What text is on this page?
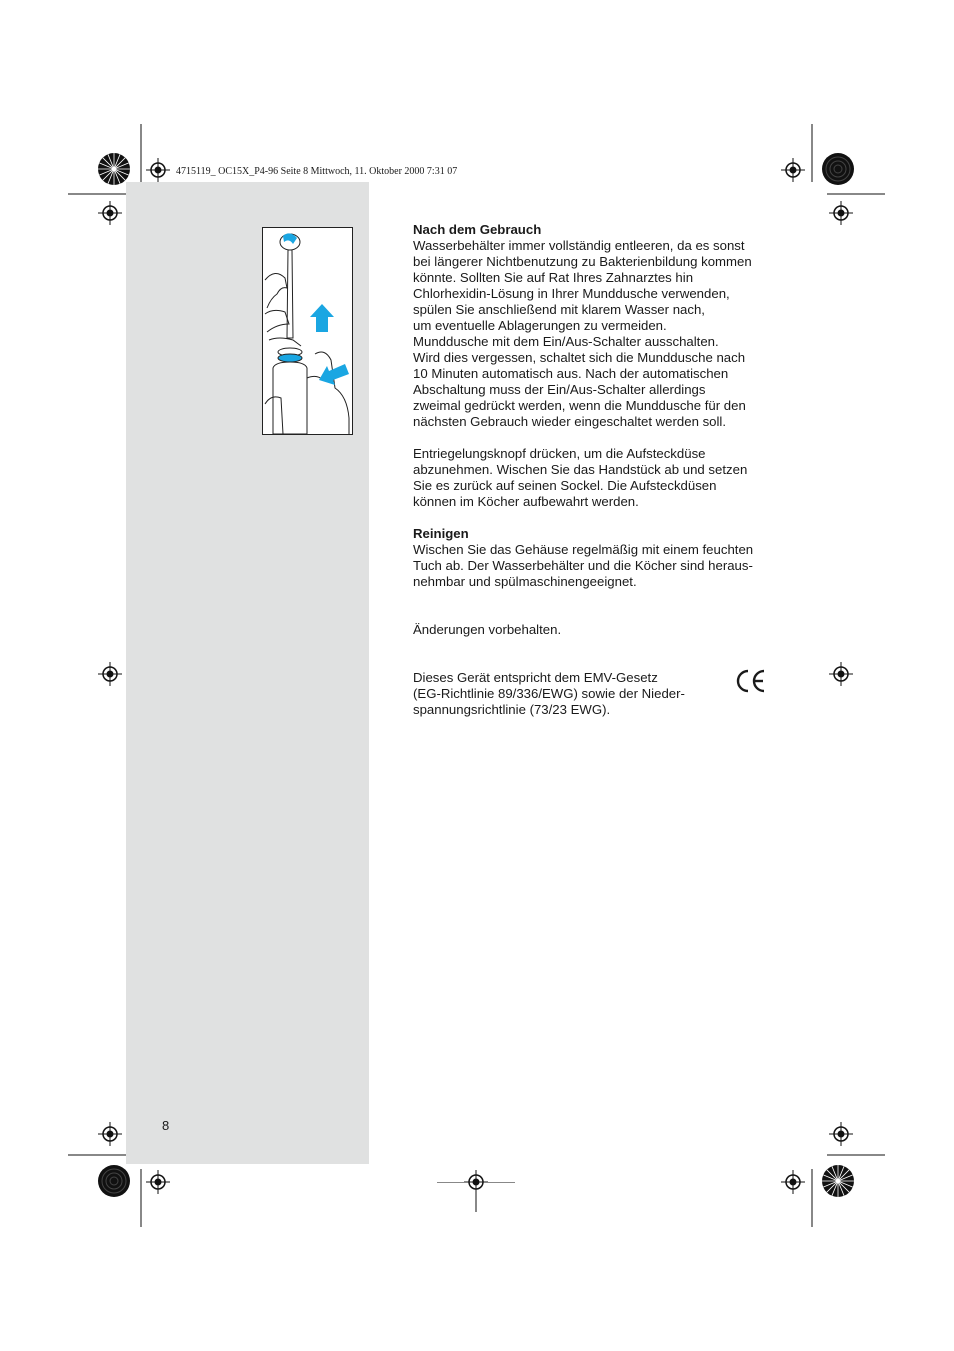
4715119_ OC15X_P4-96 Seite 8 Mittwoch, 11. Oktober 2000 7:31 07
Nach dem Gebrauch

Wasserbehälter immer vollständig entleeren, da es sonst
bei längerer Nichtbenutzung zu Bakterienbildung kommen
könnte. Sollten Sie auf Rat Ihres Zahnarztes hin
Chlorhexidin-Lösung in Ihrer Munddusche verwenden,
spülen Sie anschließend mit klarem Wasser nach,
um eventuelle Ablagerungen zu vermeiden.
Munddusche mit dem Ein/Aus-Schalter ausschalten.
Wird dies vergessen, schaltet sich die Munddusche nach
10 Minuten automatisch aus. Nach der automatischen
Abschaltung muss der Ein/Aus-Schalter allerdings
zweimal gedrückt werden, wenn die Munddusche für den
nächsten Gebrauch wieder eingeschaltet werden soll.

Entriegelungsknopf drücken, um die Aufsteckdüse
abzunehmen. Wischen Sie das Handstück ab und setzen
Sie es zurück auf seinen Sockel. Die Aufsteckdüsen
können im Köcher aufbewahrt werden.

Reinigen

Wischen Sie das Gehäuse regelmäßig mit einem feuchten
Tuch ab. Der Wasserbehälter und die Köcher sind heraus-
nehmbar und spülmaschinengeeignet.

Änderungen vorbehalten.

Dieses Gerät entspricht dem EMV-Gesetz
(EG-Richtlinie 89/336/EWG) sowie der Nieder-
spannungsrichtlinie (73/23 EWG).

8
